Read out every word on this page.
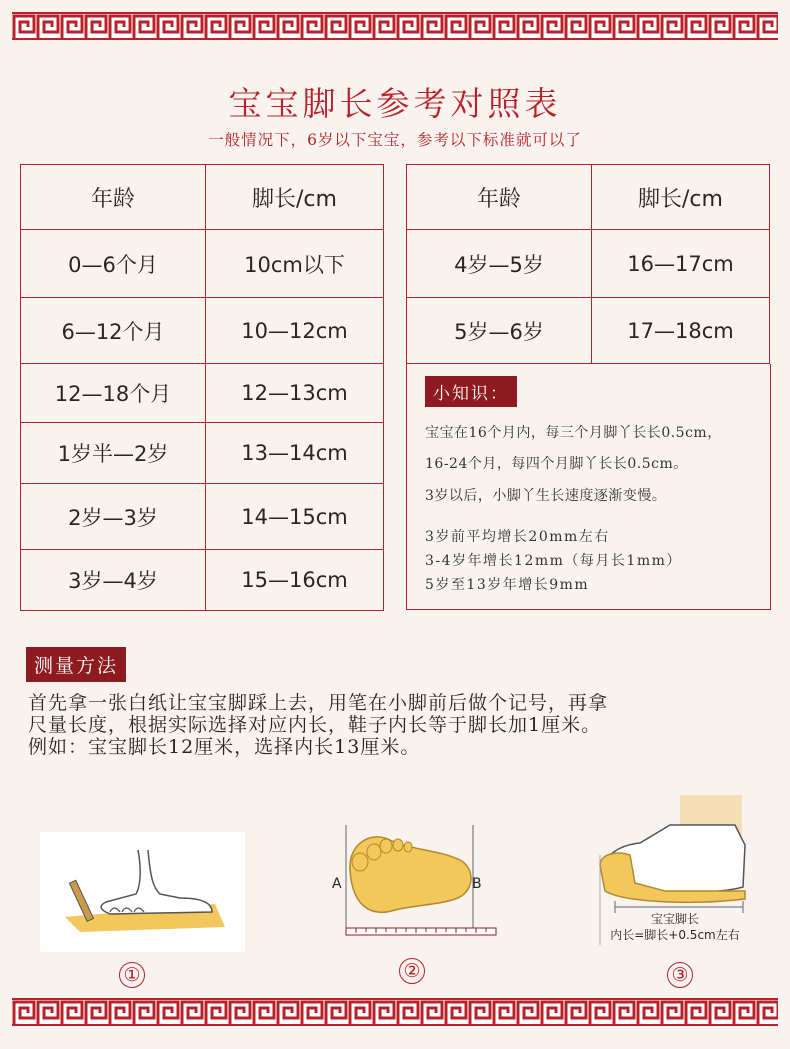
宝宝脚长参考对照表
一般情况下，6岁以下宝宝，参考以下标准就可以了
年龄	脚长/cm
0—6个月	10cm以下
6—12个月	10—12cm
12—18个月	12—13cm
1岁半—2岁	13—14cm
2岁—3岁	14—15cm
3岁—4岁	15—16cm
年龄	脚长/cm
4岁—5岁	16—17cm
5岁—6岁	17—18cm
小知识：
宝宝在16个月内，每三个月脚丫长长0.5cm，
16-24个月，每四个月脚丫长长0.5cm。
3岁以后，小脚丫生长速度逐渐变慢。
3岁前平均增长20mm左右
3-4岁年增长12mm（每月长1mm）
5岁至13岁年增长9mm
测量方法
首先拿一张白纸让宝宝脚踩上去，用笔在小脚前后做个记号，再拿
尺量长度，根据实际选择对应内长，鞋子内长等于脚长加1厘米。
例如：宝宝脚长12厘米，选择内长13厘米。
①
A	B
②
宝宝脚长
内长=脚长+0.5cm左右
③
